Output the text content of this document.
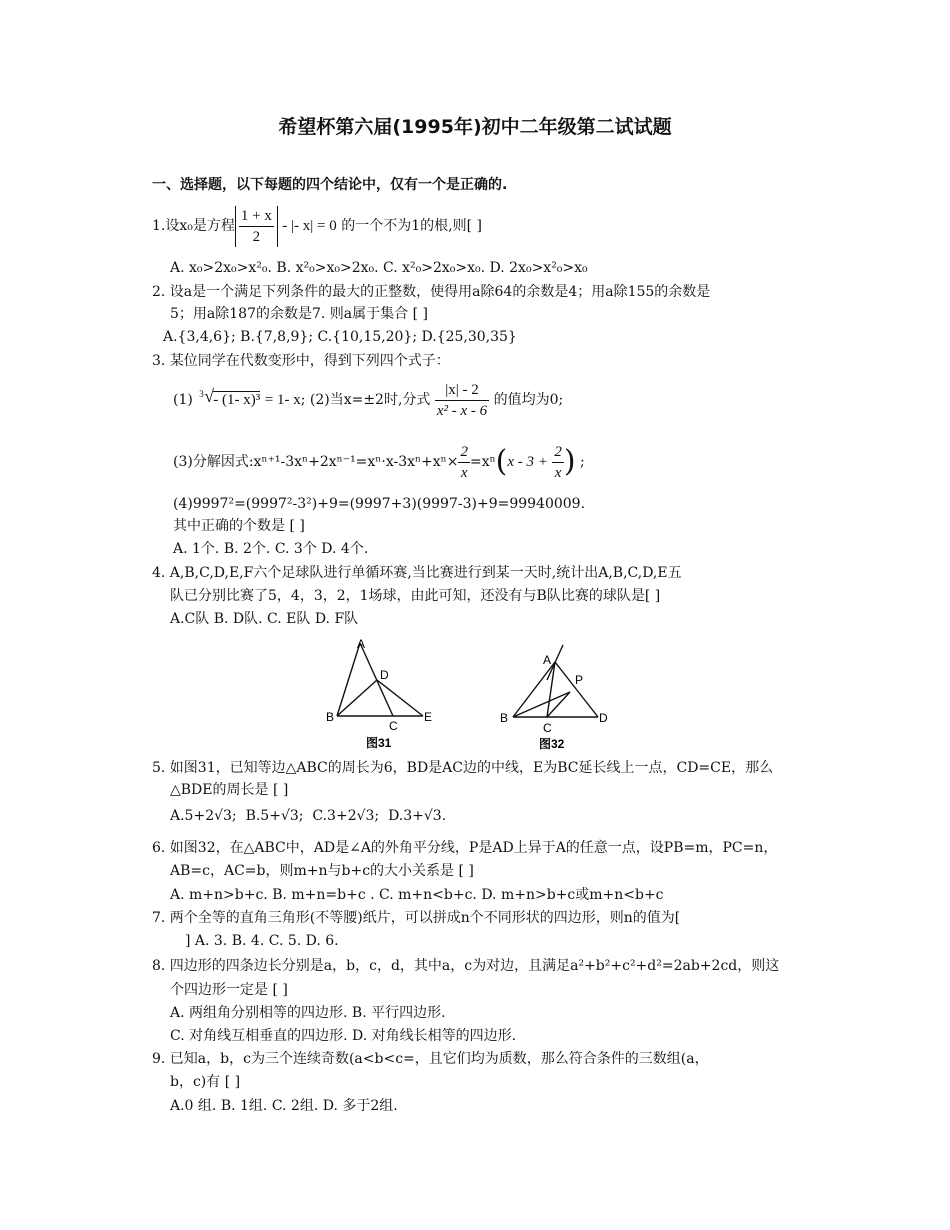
希望杯第六届(1995年)初中二年级第二试试题
一、选择题，以下每题的四个结论中，仅有一个是正确的.
1.设x₀是方程 $\frac{1 + x}{2}$ - |- x| = 0 的一个不为1的根,则[ ]
A. x₀>2x₀>x²₀. B. x²₀>x₀>2x₀. C. x²₀>2x₀>x₀. D. 2x₀>x²₀>x₀
2. 设a是一个满足下列条件的最大的正整数，使得用a除64的余数是4；用a除155的余数是
5；用a除187的余数是7. 则a属于集合 [ ]
A.{3,4,6}; B.{7,8,9}; C.{10,15,20}; D.{25,30,35}
3. 某位同学在代数变形中，得到下列四个式子：
(1) 3 √ - (1- x)³ = 1- x; (2)当x=±2时,分式 $\frac{|x| - 2}{\text{x² - x - 6}}$ 的值均为0;
(3)分解因式:xⁿ⁺¹-3xⁿ+2xⁿ⁻¹=xⁿ·x-3xⁿ+xⁿ× $\frac{2}{x} =x^n(x - 3 + \frac{2}{x}$ ) ;
(4)9997²=(9997²-3²)+9=(9997+3)(9997-3)+9=99940009.
其中正确的个数是 [ ]
A. 1个. B. 2个. C. 3个 D. 4个.
4. A,B,C,D,E,F六个足球队进行单循环赛,当比赛进行到某一天时,统计出A,B,C,D,E五
队已分别比赛了5，4，3，2，1场球，由此可知，还没有与B队比赛的球队是[ ]
A.C队 B. D队. C. E队 D. F队
A
B
C
D
E
图31
A
B
C
D
P
图32
5. 如图31，已知等边△ABC的周长为6，BD是AC边的中线，E为BC延长线上一点，CD=CE，那么
△BDE的周长是 [ ]
A.5+2√3; B.5+√3; C.3+2√3; D.3+√3.
6. 如图32，在△ABC中，AD是∠A的外角平分线，P是AD上异于A的任意一点，设PB=m，PC=n，
AB=c，AC=b，则m+n与b+c的大小关系是 [ ]
A. m+n>b+c. B. m+n=b+c . C. m+n<b+c. D. m+n>b+c或m+n<b+c
7. 两个全等的直角三角形(不等腰)纸片，可以拼成n个不同形状的四边形，则n的值为[
] A. 3. B. 4. C. 5. D. 6.
8. 四边形的四条边长分别是a，b，c，d，其中a，c为对边，且满足a²+b²+c²+d²=2ab+2cd，则这
个四边形一定是 [ ]
A. 两组角分别相等的四边形. B. 平行四边形.
C. 对角线互相垂直的四边形. D. 对角线长相等的四边形.
9. 已知a，b，c为三个连续奇数(a<b<c=，且它们均为质数，那么符合条件的三数组(a，
b，c)有 [ ]
A.0 组. B. 1组. C. 2组. D. 多于2组.
